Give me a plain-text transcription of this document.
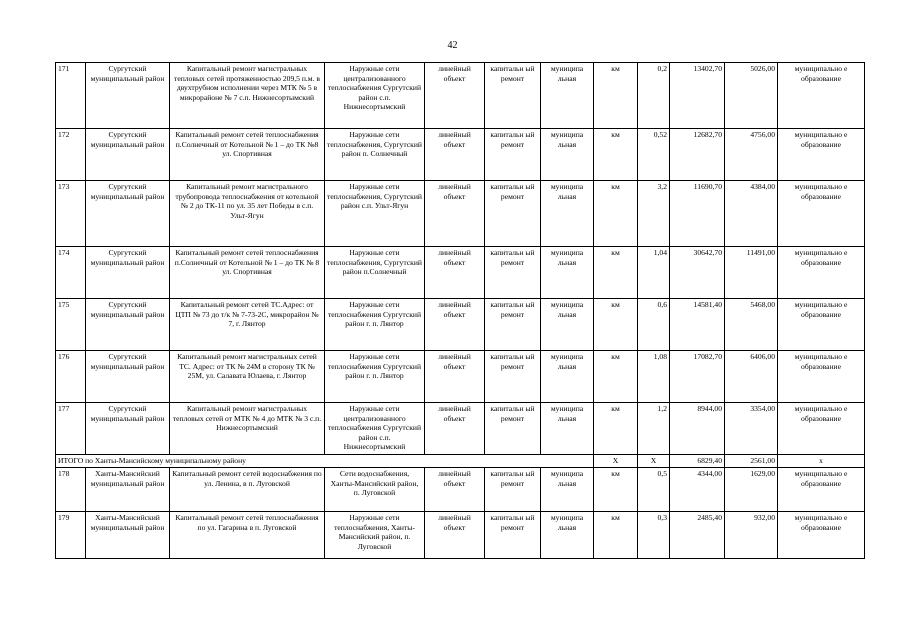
42
171	Сургутский муниципальный район	Капитальный ремонт магистральных тепловых сетей протяженностью 209,5 п.м. в двухтрубном исполнении через МТК № 5 в микрорайоне № 7 с.п. Нижнесортымский	Наружные сети централизованного теплоснабжения Сургутский район с.п. Нижнесортымский	линейный объект	капитальн ый ремонт	муниципа льная	км	0,2	13402,70	5026,00	муниципально е образование
172	Сургутский муниципальный район	Капитальный ремонт сетей теплоснабжения п.Солнечный от Котельной № 1 – до ТК №8 ул. Спортивная	Наружные сети теплоснабжения, Сургутский район п. Солнечный	линейный объект	капитальн ый ремонт	муниципа льная	км	0,52	12682,70	4756,00	муниципально е образование
173	Сургутский муниципальный район	Капитальный ремонт магистрального трубопровода теплоснабжения от котельной № 2 до ТК-11 по ул. 35 лет Победы в с.п. Ульт-Ягун	Наружные сети теплоснабжения, Сургутский район с.п. Ульт-Ягун	линейный объект	капитальн ый ремонт	муниципа льная	км	3,2	11690,70	4384,00	муниципально е образование
174	Сургутский муниципальный район	Капитальный ремонт сетей теплоснабжения п.Солнечный от Котельной № 1 – до ТК № 8 ул. Спортивная	Наружные сети теплоснабжения, Сургутский район п.Солнечный	линейный объект	капитальн ый ремонт	муниципа льная	км	1,04	30642,70	11491,00	муниципально е образование
175	Сургутский муниципальный район	Капитальный ремонт сетей ТС.Адрес: от ЦТП № 73 до т/к № 7-73-2С, микрорайон № 7, г. Лянтор	Наружные сети теплоснабжения Сургутский район г. п. Лянтор	линейный объект	капитальн ый ремонт	муниципа льная	км	0,6	14581,40	5468,00	муниципально е образование
176	Сургутский муниципальный район	Капитальный ремонт магистральных сетей ТС. Адрес: от ТК № 24М в сторону ТК № 25М, ул. Салавата Юлаева, г. Лянтор	Наружные сети теплоснабжения Сургутский район г. п. Лянтор	линейный объект	капитальн ый ремонт	муниципа льная	км	1,08	17082,70	6406,00	муниципально е образование
177	Сургутский муниципальный район	Капитальный ремонт магистральных тепловых сетей от МТК № 4 до МТК № 3 с.п. Нижнесортымский	Наружные сети централизованного теплоснабжения Сургутский район с.п. Нижнесортымский	линейный объект	капитальн ый ремонт	муниципа льная	км	1,2	8944,00	3354,00	муниципально е образование
ИТОГО по Ханты-Мансийскому муниципальному району							Х	Х	6829,40	2561,00	х
178	Ханты-Мансийский муниципальный район	Капитальный ремонт сетей водоснабжения по ул. Ленина, в п. Луговской	Сети водоснабжения, Ханты-Мансийский район, п. Луговской	линейный объект	капитальн ый ремонт	муниципа льная	км	0,5	4344,00	1629,00	муниципально е образование
179	Ханты-Мансийский муниципальный район	Капитальный ремонт сетей теплоснабжения по ул. Гагарина в п. Луговской	Наружные сети теплоснабжения, Ханты-Мансийский район, п. Луговской	линейный объект	капитальн ый ремонт	муниципа льная	км	0,3	2485,40	932,00	муниципально е образование
